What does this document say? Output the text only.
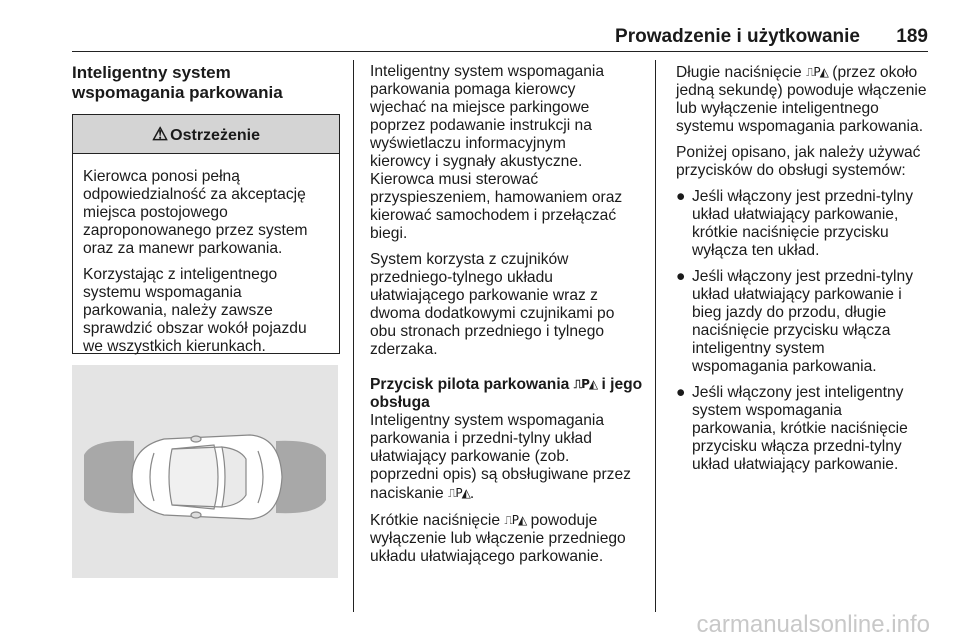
Prowadzenie i użytkowanie	189
Inteligentny system
wspomagania parkowania
⚠ Ostrzeżenie
Kierowca ponosi pełną
odpowiedzialność za akceptację
miejsca postojowego
zaproponowanego przez system
oraz za manewr parkowania.
Korzystając z inteligentnego
systemu wspomagania
parkowania, należy zawsze
sprawdzić obszar wokół pojazdu
we wszystkich kierunkach.
Inteligentny system wspomagania
parkowania pomaga kierowcy
wjechać na miejsce parkingowe
poprzez podawanie instrukcji na
wyświetlaczu informacyjnym
kierowcy i sygnały akustyczne.
Kierowca musi sterować
przyspieszeniem, hamowaniem oraz
kierować samochodem i przełączać
biegi.
System korzysta z czujników
przedniego-tylnego układu
ułatwiającego parkowanie wraz z
dwoma dodatkowymi czujnikami po
obu stronach przedniego i tylnego
zderzaka.
Przycisk pilota parkowania ⎍P◭ i jego
obsługa
Inteligentny system wspomagania
parkowania i przedni-tylny układ
ułatwiający parkowanie (zob.
poprzedni opis) są obsługiwane przez
naciskanie ⎍P◭.
Krótkie naciśnięcie ⎍P◭ powoduje
wyłączenie lub włączenie przedniego
układu ułatwiającego parkowanie.
Długie naciśnięcie ⎍P◭ (przez około
jedną sekundę) powoduje włączenie
lub wyłączenie inteligentnego
systemu wspomagania parkowania.
Poniżej opisano, jak należy używać
przycisków do obsługi systemów:
● Jeśli włączony jest przedni-tylny
układ ułatwiający parkowanie,
krótkie naciśnięcie przycisku
wyłącza ten układ.
● Jeśli włączony jest przedni-tylny
układ ułatwiający parkowanie i
bieg jazdy do przodu, długie
naciśnięcie przycisku włącza
inteligentny system
wspomagania parkowania.
● Jeśli włączony jest inteligentny
system wspomagania
parkowania, krótkie naciśnięcie
przycisku włącza przedni-tylny
układ ułatwiający parkowanie.
carmanualsonline.info
